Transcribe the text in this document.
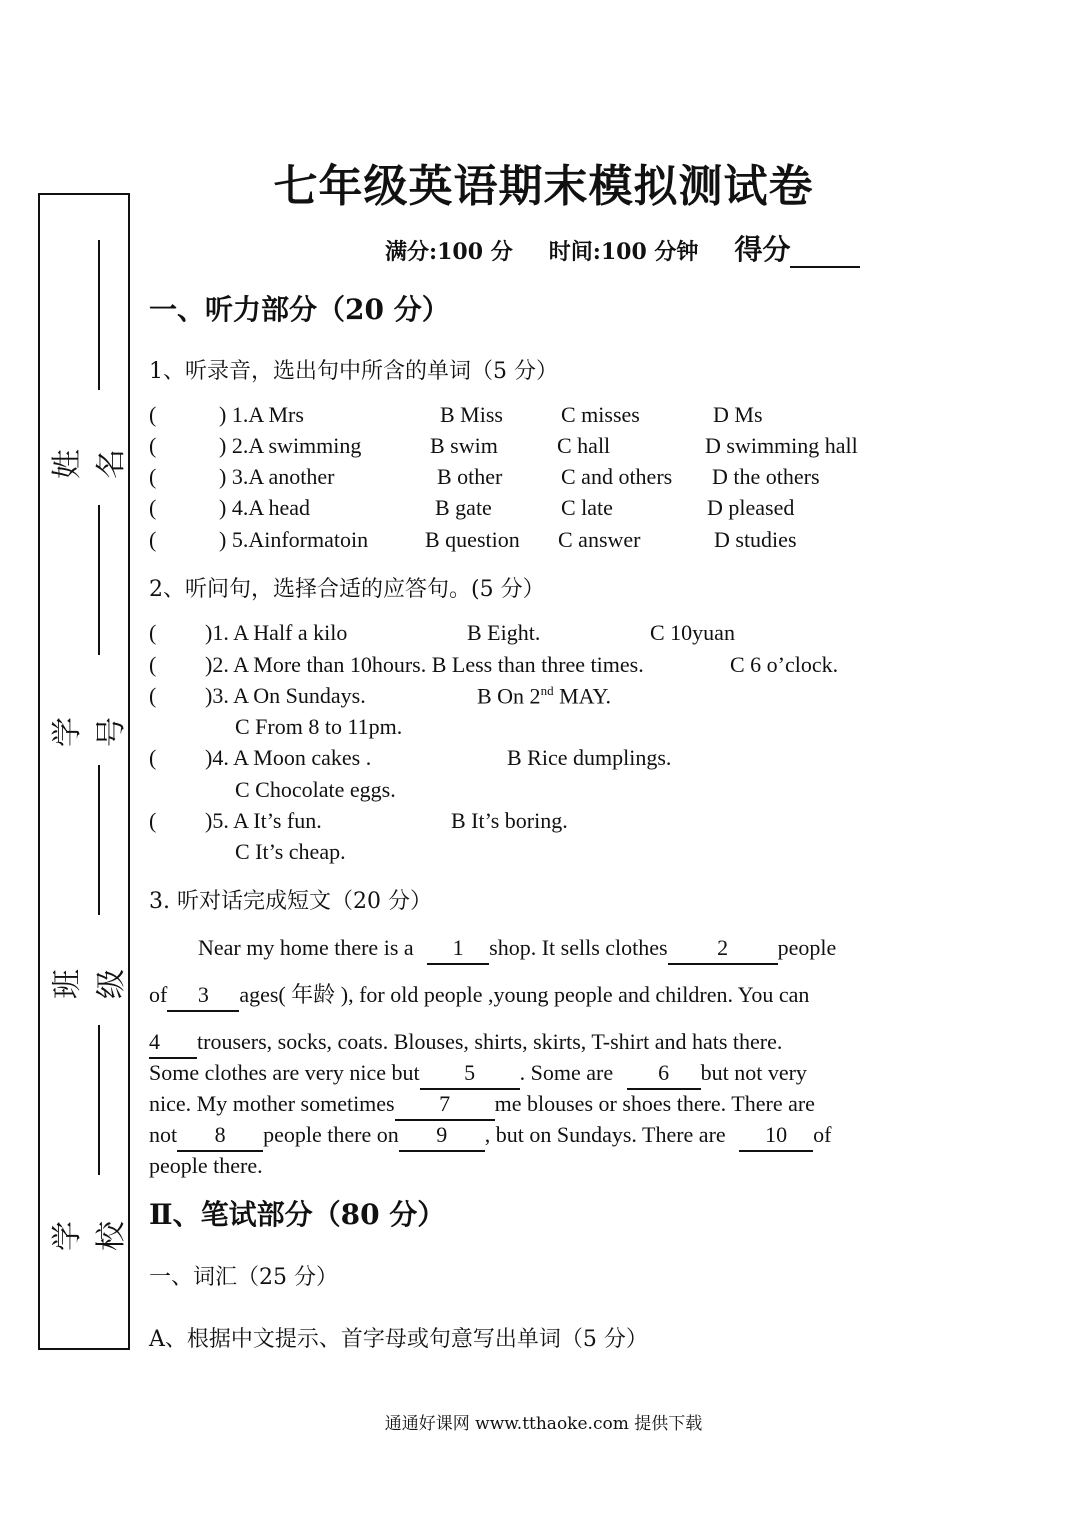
姓名
学号
班级
学校
七年级英语期末模拟测试卷
满分:100 分 时间:100 分钟 得分
一、听力部分（20 分）
1、听录音，选出句中所含的单词（5 分）
(	) 1.A Mrs	B Miss	C misses	D Ms
(	) 2.A swimming	B swim	C hall	D swimming hall
(	) 3.A another	B other	C and others D the others
(	) 4.A head	B gate	C late	D pleased
(	) 5.Ainformatoin	B question C answer	D studies
2、听问句，选择合适的应答句。(5 分）
( )1. A Half a kilo	B Eight.	C 10yuan
( )2. A More than 10hours. B Less than three times.	C 6 o’clock.
( )3. A On Sundays.	B On 2nd MAY.
C From 8 to 11pm.
( )4. A Moon cakes .	B Rice dumplings.
C Chocolate eggs.
( )5. A It’s fun.	B It’s boring.
C It’s cheap.
3. 听对话完成短文（20 分）
Near my home there is a 1 shop. It sells clothes 2 people
of 3 ages( 年龄 ), for old people ,young people and children. You can
4 trousers, socks, coats. Blouses, shirts, skirts, T-shirt and hats there.
Some clothes are very nice but 5 . Some are 6 but not very
nice. My mother sometimes 7 me blouses or shoes there. There are
not 8 people there on 9 , but on Sundays. There are 10 of
people there.
Ⅱ、笔试部分（80 分）
一、词汇（25 分）
A、根据中文提示、首字母或句意写出单词（5 分）
通通好课网 www.tthaoke.com 提供下载
